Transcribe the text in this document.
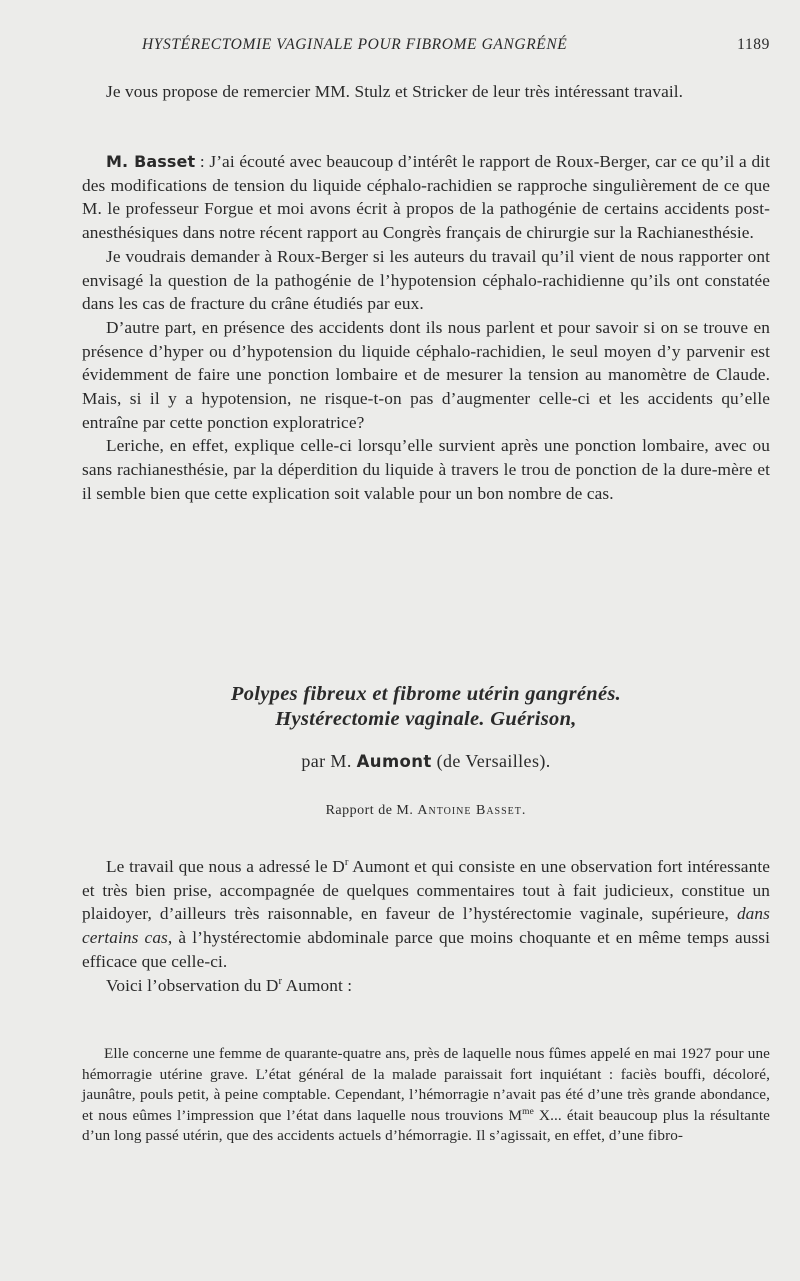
HYSTÉRECTOMIE VAGINALE POUR FIBROME GANGRÉNÉ	1189

Je vous propose de remercier MM. Stulz et Stricker de leur très intéressant travail.

M. Basset : J’ai écouté avec beaucoup d’intérêt le rapport de Roux-Berger, car ce qu’il a dit des modifications de tension du liquide céphalo-rachidien se rapproche singulièrement de ce que M. le professeur Forgue et moi avons écrit à propos de la pathogénie de certains accidents post-anesthésiques dans notre récent rapport au Congrès français de chirurgie sur la Rachianesthésie.

Je voudrais demander à Roux-Berger si les auteurs du travail qu’il vient de nous rapporter ont envisagé la question de la pathogénie de l’hypotension céphalo-rachidienne qu’ils ont constatée dans les cas de fracture du crâne étudiés par eux.

D’autre part, en présence des accidents dont ils nous parlent et pour savoir si on se trouve en présence d’hyper ou d’hypotension du liquide céphalo-rachidien, le seul moyen d’y parvenir est évidemment de faire une ponction lombaire et de mesurer la tension au manomètre de Claude. Mais, si il y a hypotension, ne risque-t-on pas d’augmenter celle-ci et les accidents qu’elle entraîne par cette ponction exploratrice?

Leriche, en effet, explique celle-ci lorsqu’elle survient après une ponction lombaire, avec ou sans rachianesthésie, par la déperdition du liquide à travers le trou de ponction de la dure-mère et il semble bien que cette explication soit valable pour un bon nombre de cas.

Polypes fibreux et fibrome utérin gangrénés.

Hystérectomie vaginale. Guérison,

par M. Aumont (de Versailles).

Rapport de M. Antoine Basset.

Le travail que nous a adressé le $D^r$ Aumont et qui consiste en une observation fort intéressante et très bien prise, accompagnée de quelques commentaires tout à fait judicieux, constitue un plaidoyer, d’ailleurs très raisonnable, en faveur de l’hystérectomie vaginale, supérieure, dans certains cas, à l’hystérectomie abdominale parce que moins choquante et en même temps aussi efficace que celle-ci.

Voici l’observation du $D^r$ Aumont :

Elle concerne une femme de quarante-quatre ans, près de laquelle nous fûmes appelé en mai 1927 pour une hémorragie utérine grave. L’état général de la malade paraissait fort inquiétant : faciès bouffi, décoloré, jaunâtre, pouls petit, à peine comptable. Cependant, l’hémorragie n’avait pas été d’une très grande abondance, et nous eûmes l’impression que l’état dans laquelle nous trouvions $M^{me}$ X... était beaucoup plus la résultante d’un long passé utérin, que des accidents actuels d’hémorragie. Il s’agissait, en effet, d’une fibro-
